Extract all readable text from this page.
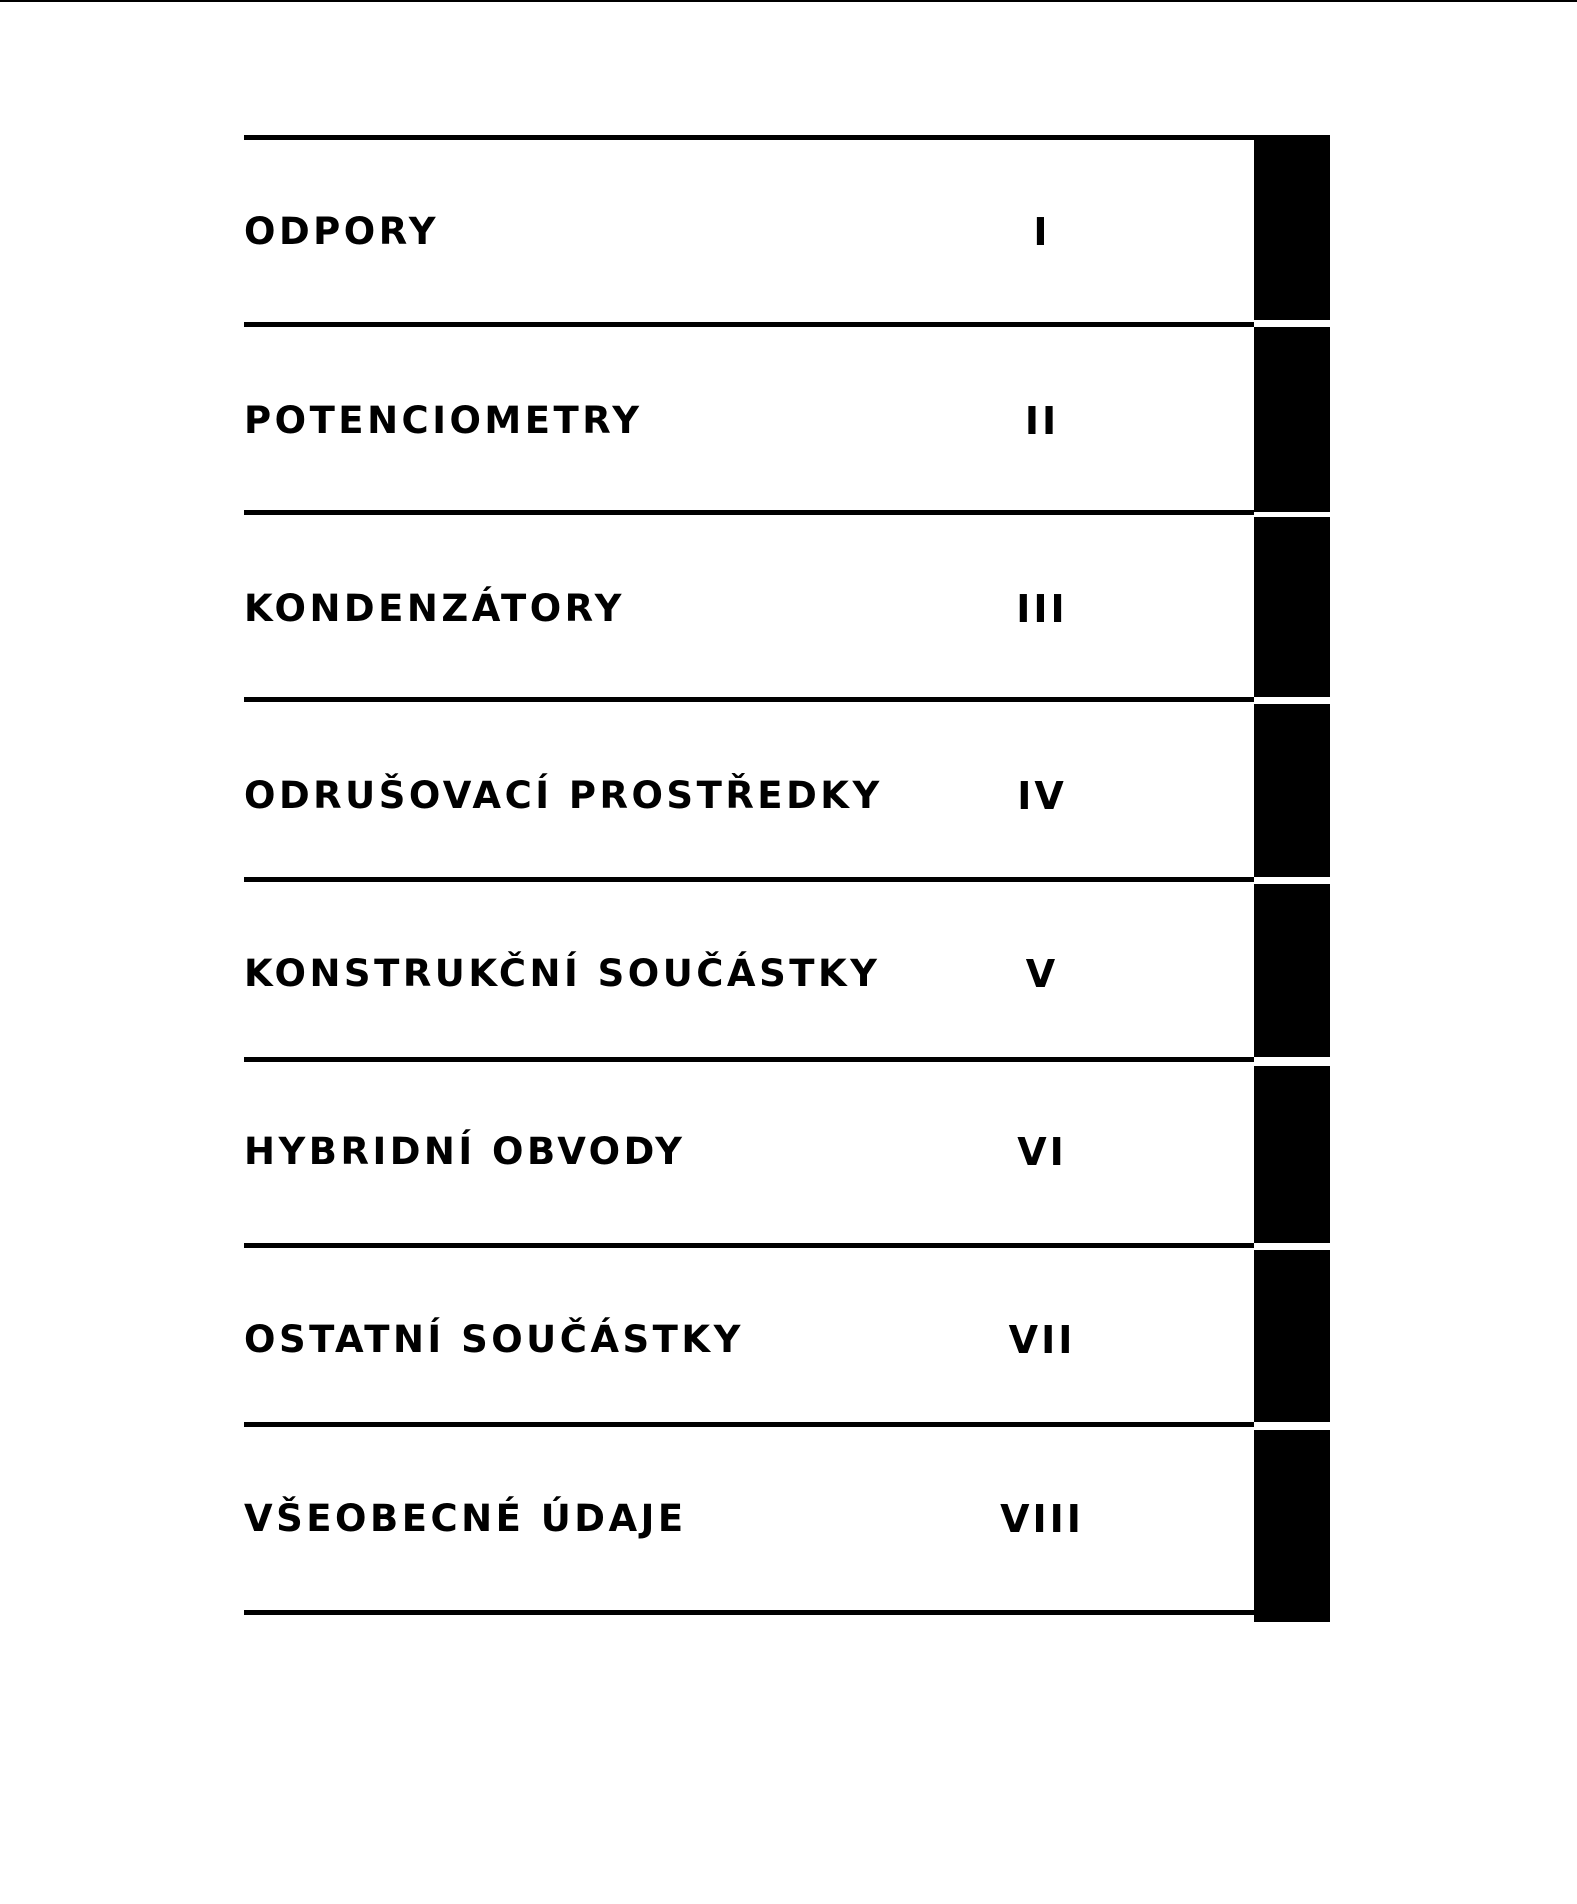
ODPORY
POTENCIOMETRY
KONDENZÁTORY
ODRUŠOVACÍ PROSTŘEDKY
KONSTRUKČNÍ SOUČÁSTKY
HYBRIDNÍ OBVODY
OSTATNÍ SOUČÁSTKY
VŠEOBECNÉ ÚDAJE
I
II
III
IV
V
VI
VII
VIII
